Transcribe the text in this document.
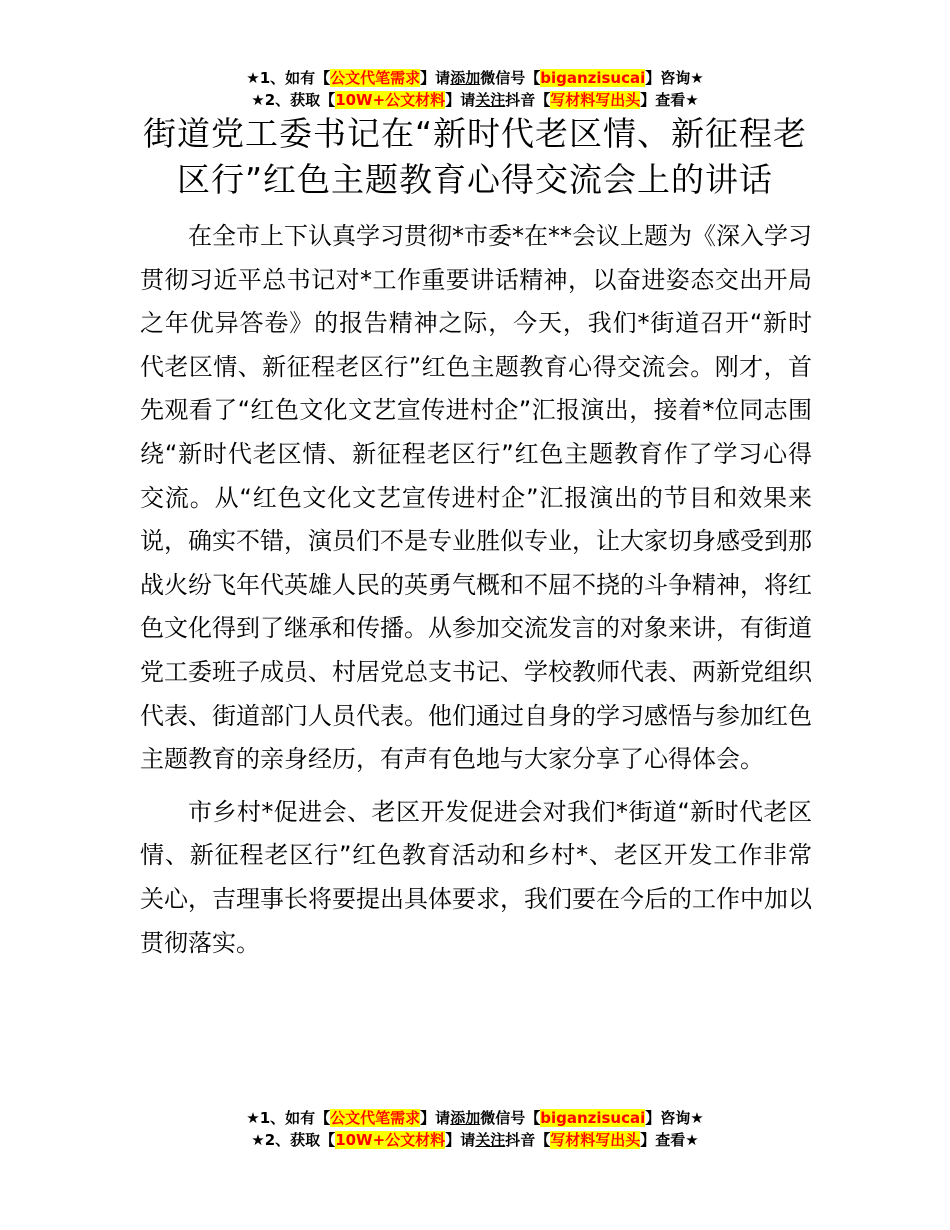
★1、如有【公文代笔需求】请添加微信号【biganzisucai】咨询★
★2、获取【10W+公文材料】请关注抖音【写材料写出头】查看★
街道党工委书记在“新时代老区情、新征程老
区行”红色主题教育心得交流会上的讲话

在全市上下认真学习贯彻*市委*在**会议上题为《深入学习贯彻习近平总书记对*工作重要讲话精神，以奋进姿态交出开局之年优异答卷》的报告精神之际，今天，我们*街道召开“新时代老区情、新征程老区行”红色主题教育心得交流会。刚才，首先观看了“红色文化文艺宣传进村企”汇报演出，接着*位同志围绕“新时代老区情、新征程老区行”红色主题教育作了学习心得交流。从“红色文化文艺宣传进村企”汇报演出的节目和效果来说，确实不错，演员们不是专业胜似专业，让大家切身感受到那战火纷飞年代英雄人民的英勇气概和不屈不挠的斗争精神，将红色文化得到了继承和传播。从参加交流发言的对象来讲，有街道党工委班子成员、村居党总支书记、学校教师代表、两新党组织代表、街道部门人员代表。他们通过自身的学习感悟与参加红色主题教育的亲身经历，有声有色地与大家分享了心得体会。

市乡村*促进会、老区开发促进会对我们*街道“新时代老区情、新征程老区行”红色教育活动和乡村*、老区开发工作非常关心，吉理事长将要提出具体要求，我们要在今后的工作中加以贯彻落实。

★1、如有【公文代笔需求】请添加微信号【biganzisucai】咨询★
★2、获取【10W+公文材料】请关注抖音【写材料写出头】查看★
